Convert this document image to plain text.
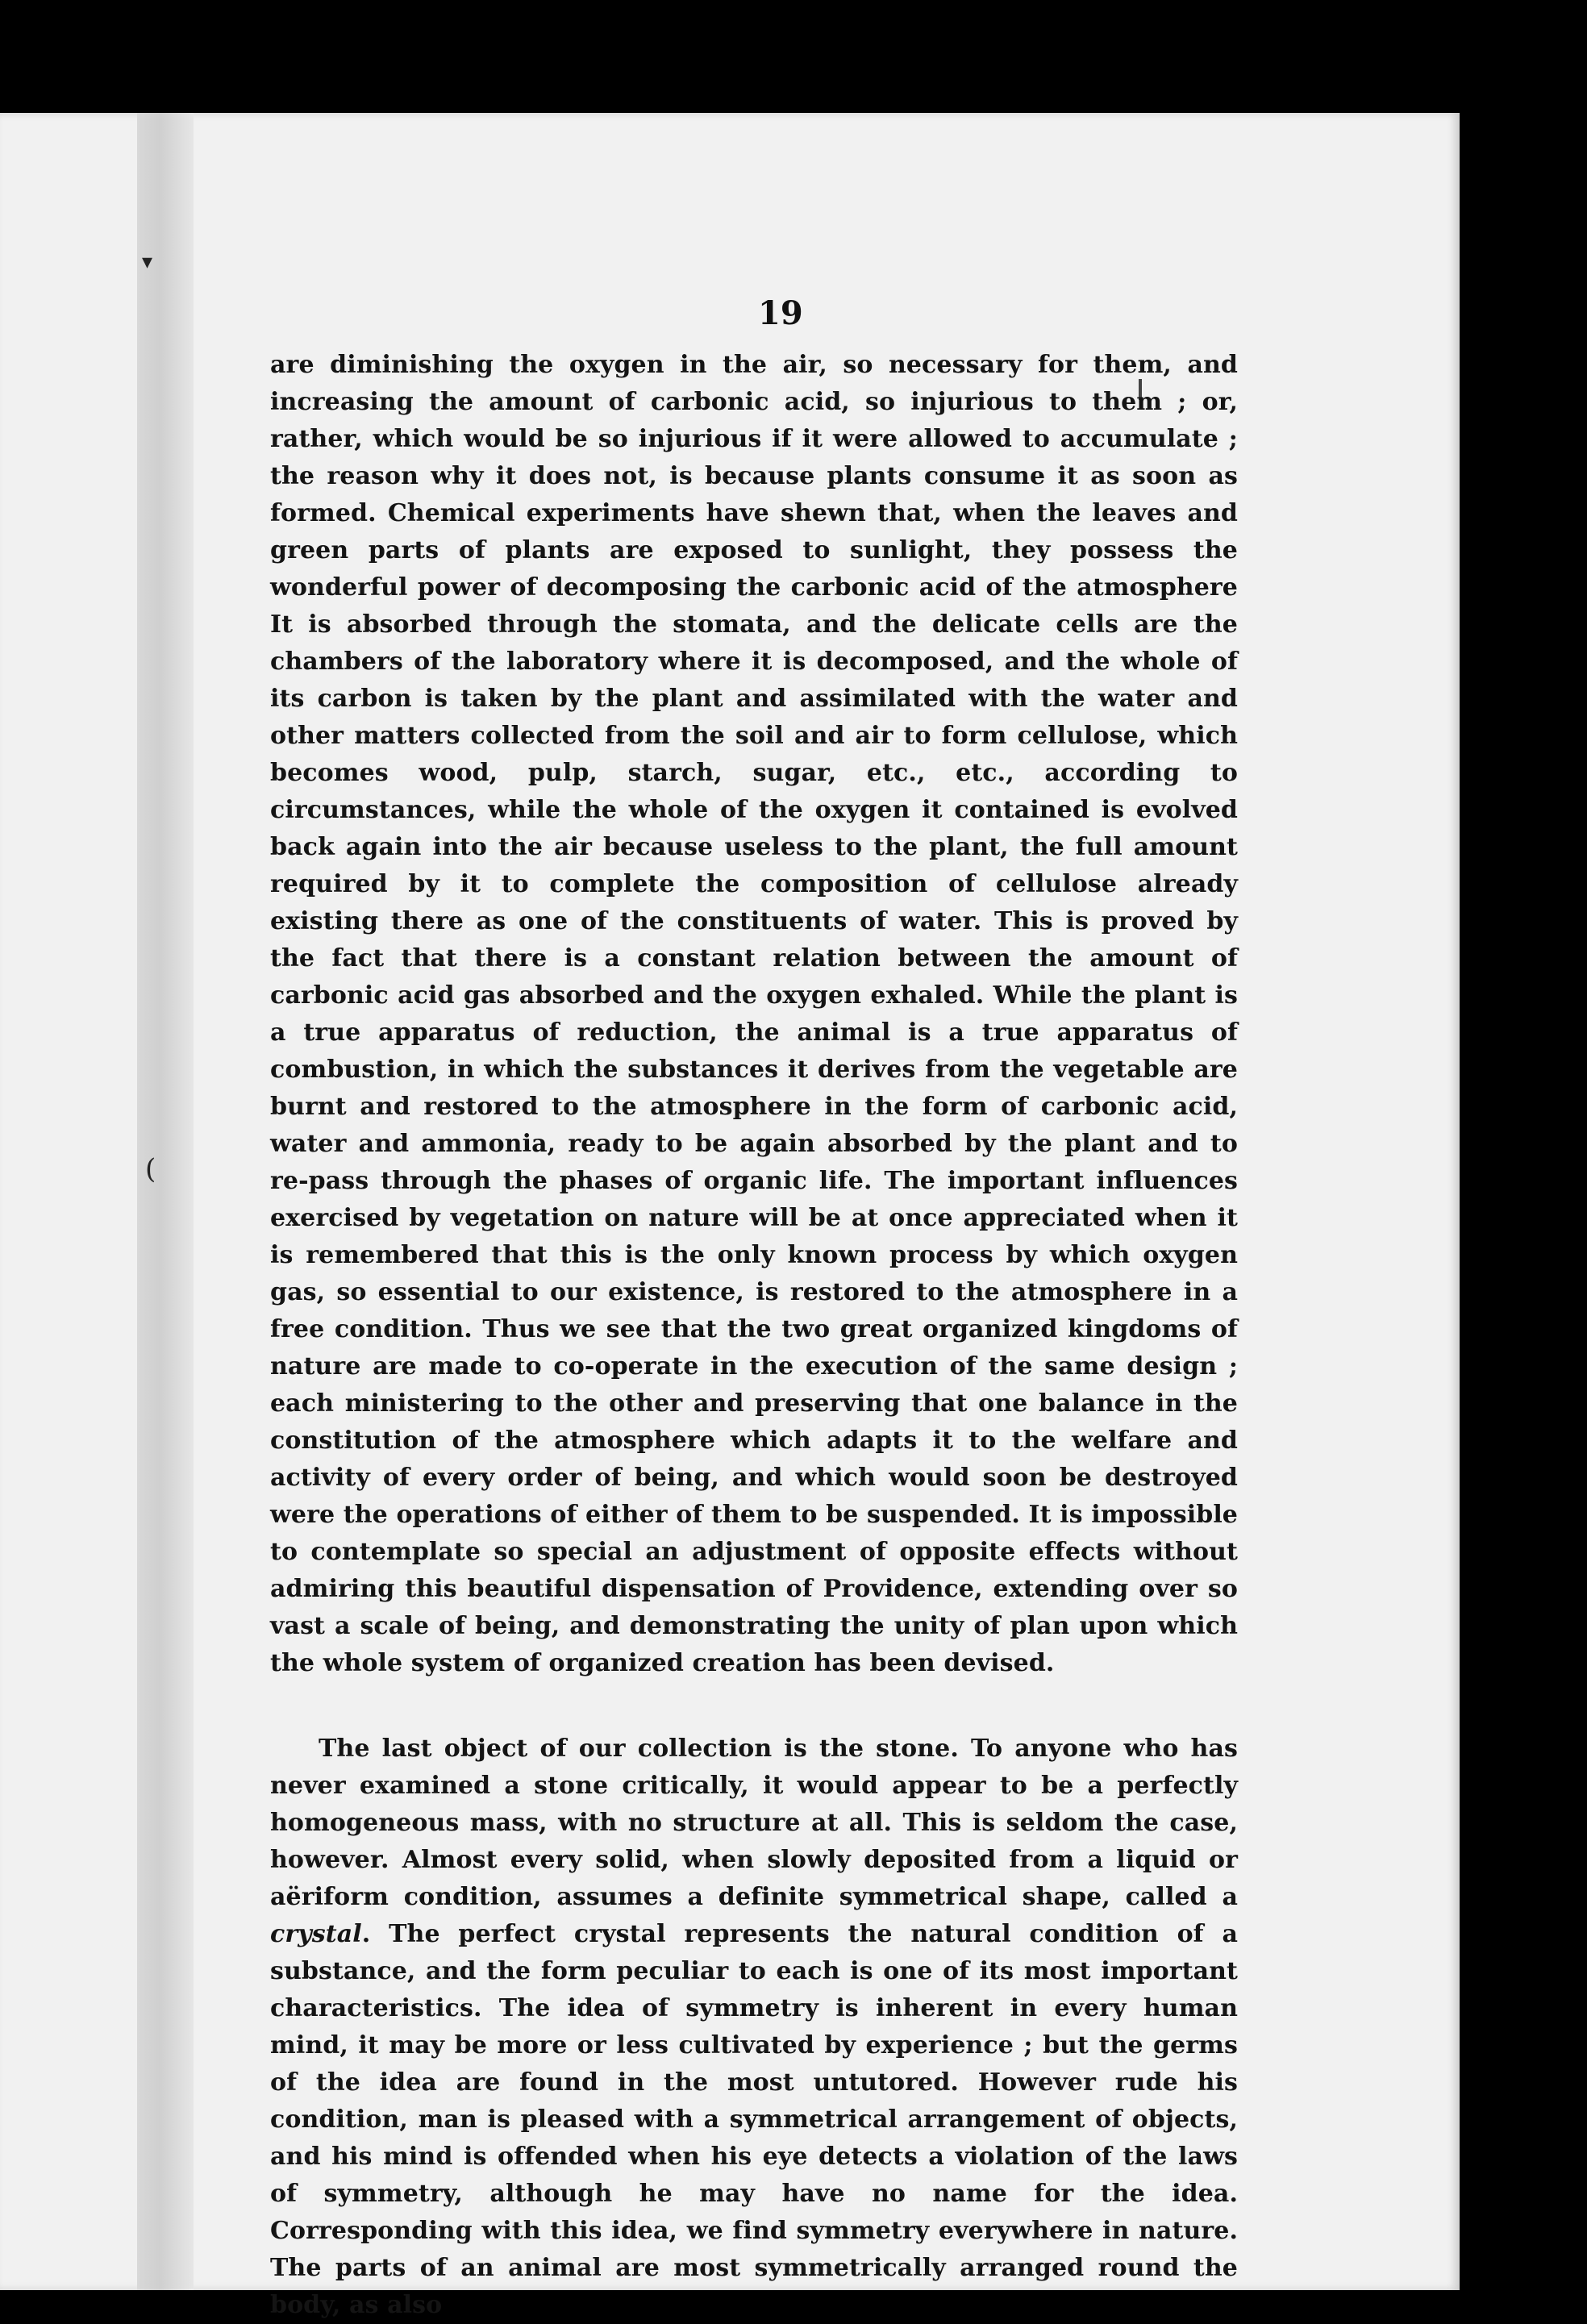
(
▾
19

are diminishing the oxygen in the air, so necessary for them, and increasing the amount of carbonic acid, so injurious to them ; or, rather, which would be so injurious if it were allowed to accumulate ; the reason why it does not, is because plants consume it as soon as formed. Chemical experiments have shewn that, when the leaves and green parts of plants are exposed to sunlight, they possess the wonderful power of decomposing the carbonic acid of the atmosphere It is absorbed through the stomata, and the delicate cells are the chambers of the laboratory where it is decomposed, and the whole of its carbon is taken by the plant and assimilated with the water and other matters collected from the soil and air to form cellulose, which becomes wood, pulp, starch, sugar, etc., etc., according to circumstances, while the whole of the oxygen it contained is evolved back again into the air because useless to the plant, the full amount required by it to complete the composition of cellulose already existing there as one of the constituents of water. This is proved by the fact that there is a constant relation between the amount of carbonic acid gas absorbed and the oxygen exhaled. While the plant is a true apparatus of reduction, the animal is a true apparatus of combustion, in which the substances it derives from the vegetable are burnt and restored to the atmosphere in the form of carbonic acid, water and ammonia, ready to be again absorbed by the plant and to re-pass through the phases of organic life. The important influences exercised by vegetation on nature will be at once appreciated when it is remembered that this is the only known process by which oxygen gas, so essential to our existence, is restored to the atmosphere in a free condition. Thus we see that the two great organized kingdoms of nature are made to co-operate in the execution of the same design ; each ministering to the other and preserving that one balance in the constitution of the atmosphere which adapts it to the welfare and activity of every order of being, and which would soon be destroyed were the operations of either of them to be suspended. It is impossible to contemplate so special an adjustment of opposite effects without admiring this beautiful dispensation of Providence, extending over so vast a scale of being, and demonstrating the unity of plan upon which the whole system of organized creation has been devised.

The last object of our collection is the stone. To anyone who has never examined a stone critically, it would appear to be a perfectly homogeneous mass, with no structure at all. This is seldom the case, however. Almost every solid, when slowly deposited from a liquid or aëriform condition, assumes a definite symmetrical shape, called a crystal. The perfect crystal represents the natural condition of a substance, and the form peculiar to each is one of its most important characteristics. The idea of symmetry is inherent in every human mind, it may be more or less cultivated by experience ; but the germs of the idea are found in the most untutored. However rude his condition, man is pleased with a symmetrical arrangement of objects, and his mind is offended when his eye detects a violation of the laws of symmetry, although he may have no name for the idea. Corresponding with this idea, we find symmetry everywhere in nature. The parts of an animal are most symmetrically arranged round the body, as also
